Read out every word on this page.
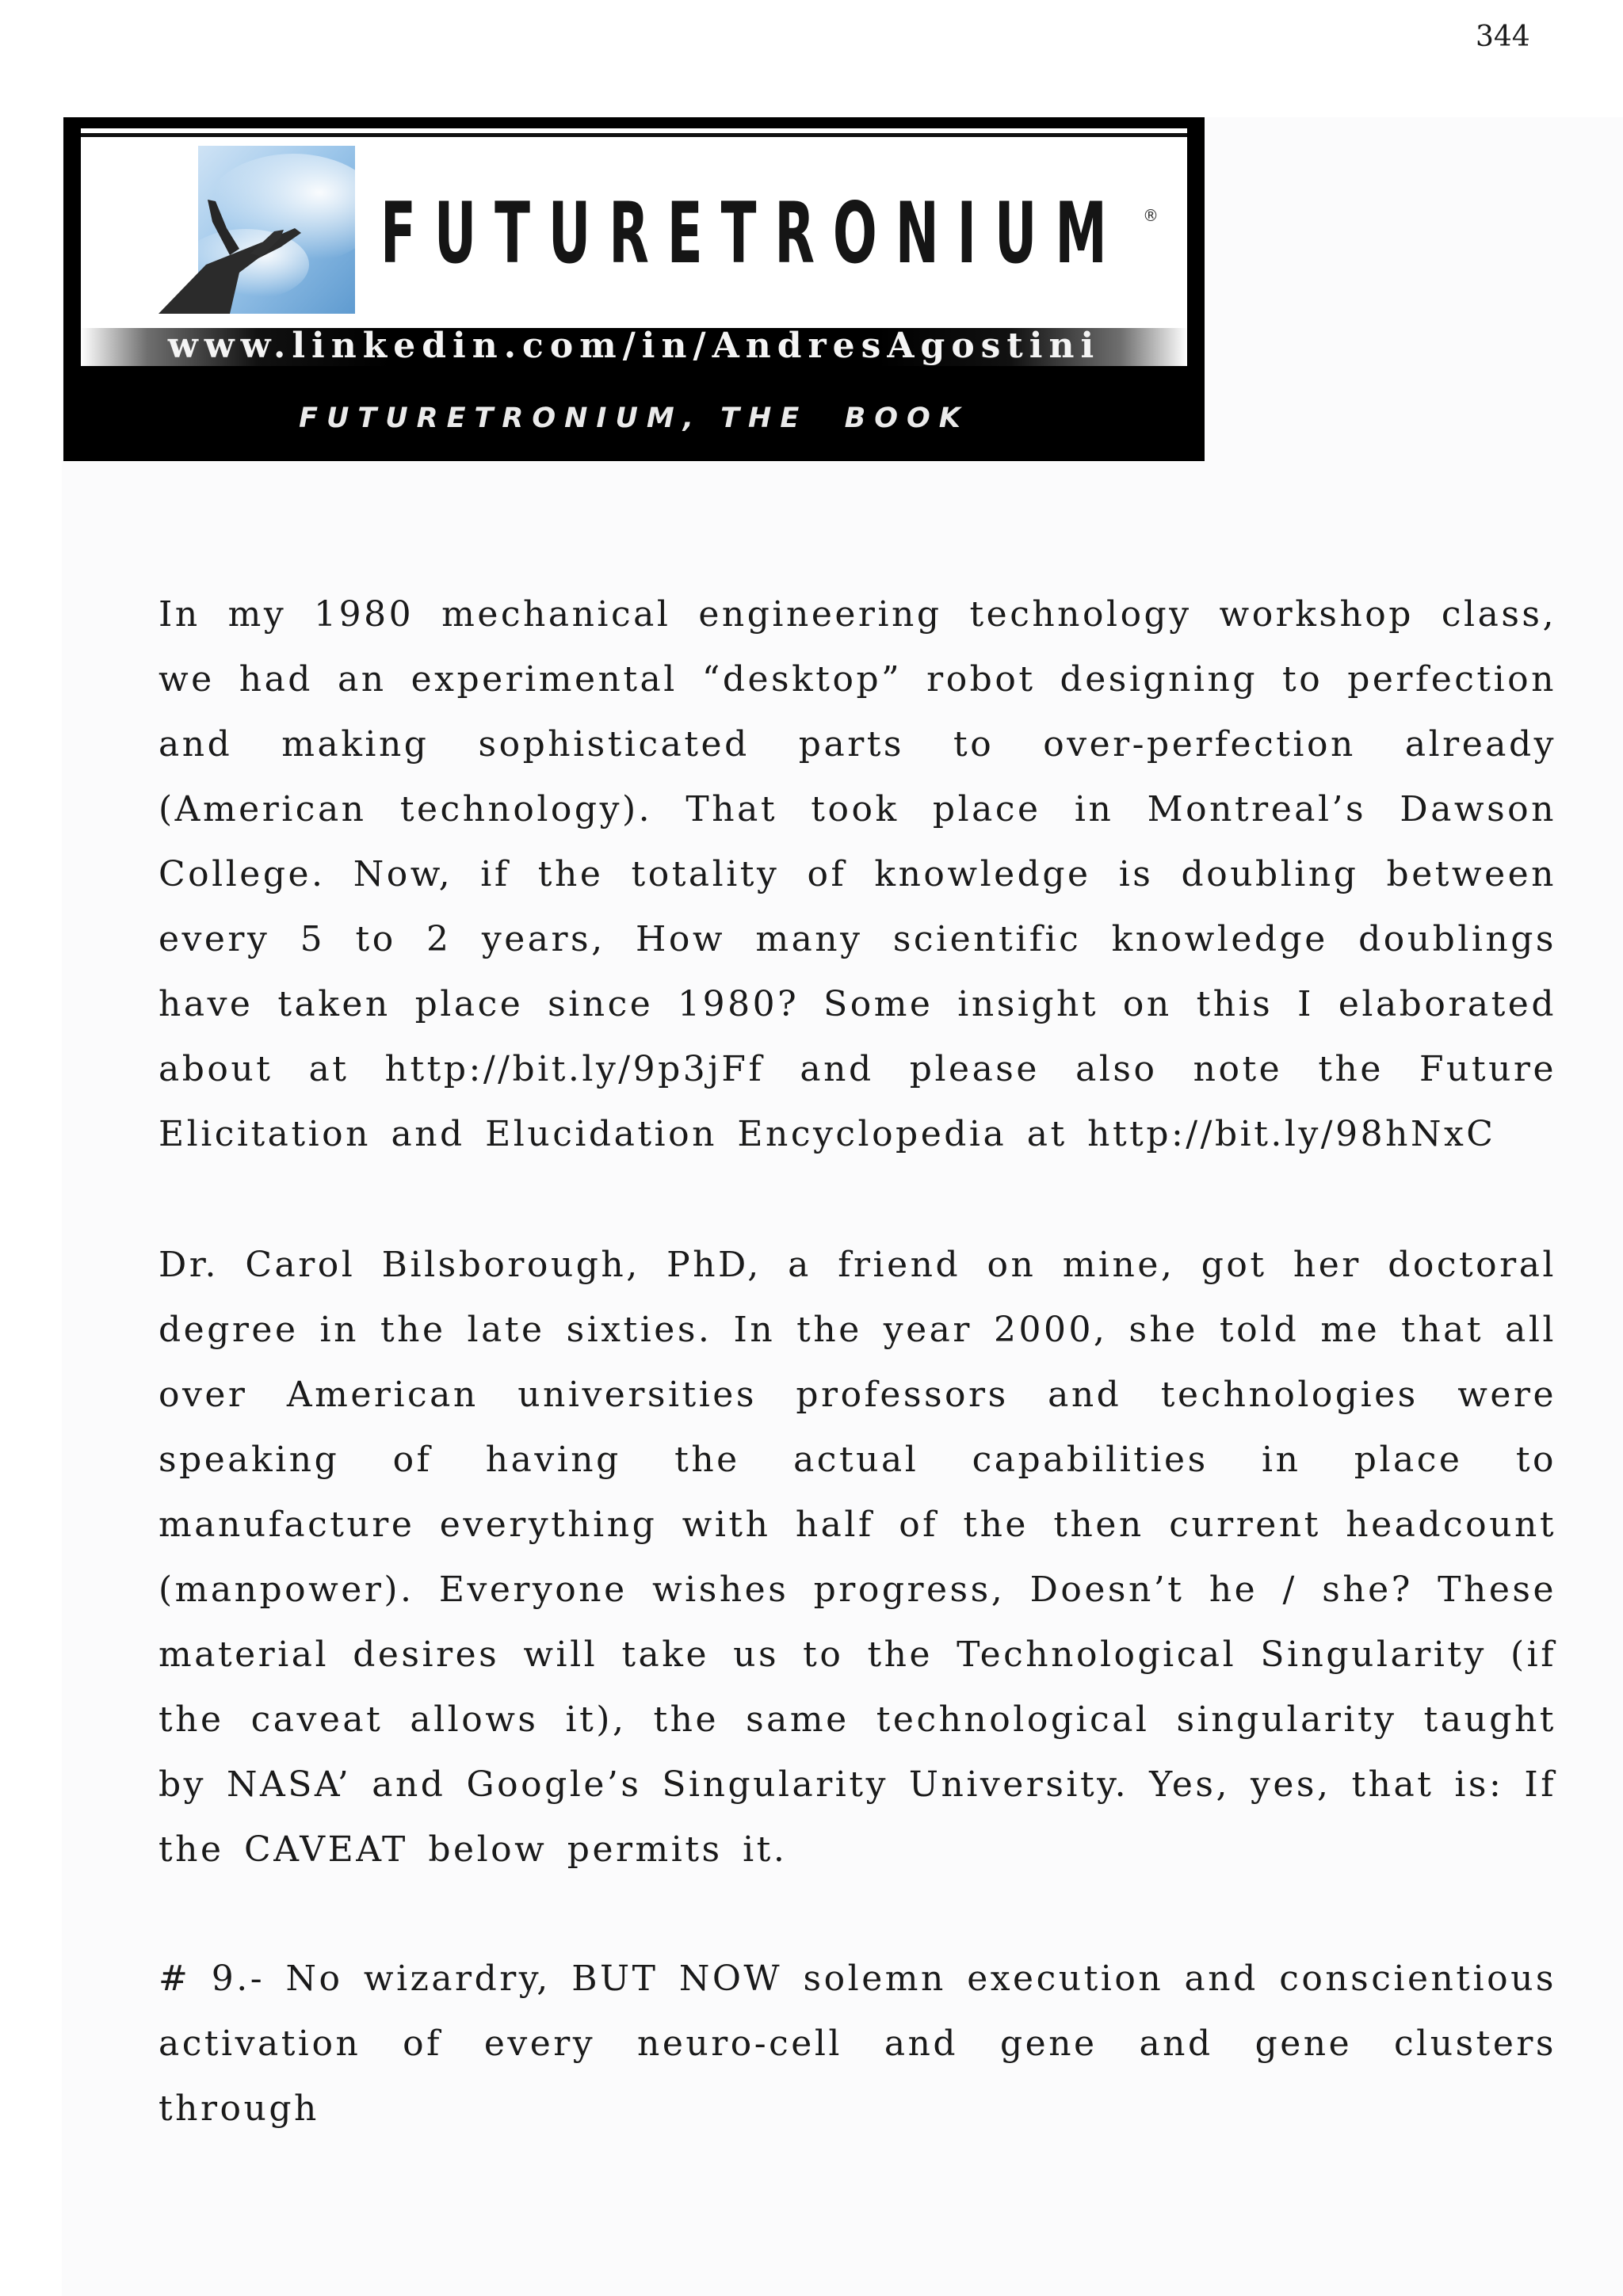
344
FUTURETRONIUM ®
www.linkedin.com/in/AndresAgostini
FUTURETRONIUM, THE  BOOK

In my 1980 mechanical engineering technology workshop class, we had an experimental “desktop” robot designing to perfection and making sophisticated parts to over-perfection already (American technology). That took place in Montreal’s Dawson College. Now, if the totality of knowledge is doubling between every 5 to 2 years, How many scientific knowledge doublings have taken place since 1980? Some insight on this I elaborated about at http://bit.ly/9p3jFf and please also note the Future Elicitation and Elucidation Encyclopedia at http://bit.ly/98hNxC

Dr. Carol Bilsborough, PhD, a friend on mine, got her doctoral degree in the late sixties. In the year 2000, she told me that all over American universities professors and technologies were speaking of having the actual capabilities in place to manufacture everything with half of the then current headcount (manpower). Everyone wishes progress, Doesn’t he / she? These material desires will take us to the Technological Singularity (if the caveat allows it), the same technological singularity taught by NASA’ and Google’s Singularity University. Yes, yes, that is: If the CAVEAT below permits it.

# 9.- No wizardry, BUT NOW solemn execution and conscientious activation of every neuro-cell and gene and gene clusters through
